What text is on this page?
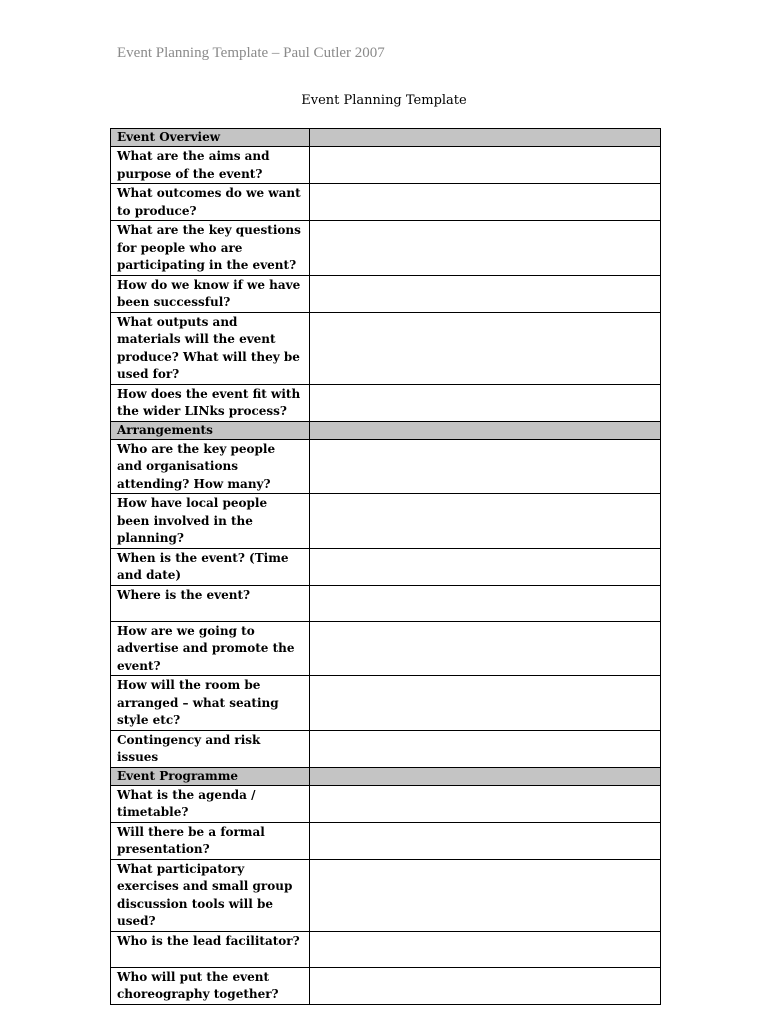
Event Planning Template – Paul Cutler 2007
Event Planning Template
Event Overview	
What are the aims and purpose of the event?	
What outcomes do we want to produce?	
What are the key questions for people who are participating in the event?	
How do we know if we have been successful?	
What outputs and materials will the event produce? What will they be used for?	
How does the event fit with the wider LINks process?	
Arrangements	
Who are the key people and organisations attending? How many?	
How have local people been involved in the planning?	
When is the event? (Time and date)	
Where is the event?	
How are we going to advertise and promote the event?	
How will the room be arranged – what seating style etc?	
Contingency and risk issues	
Event Programme	
What is the agenda / timetable?	
Will there be a formal presentation?	
What participatory exercises and small group discussion tools will be used?	
Who is the lead facilitator?	
Who will put the event choreography together?	
